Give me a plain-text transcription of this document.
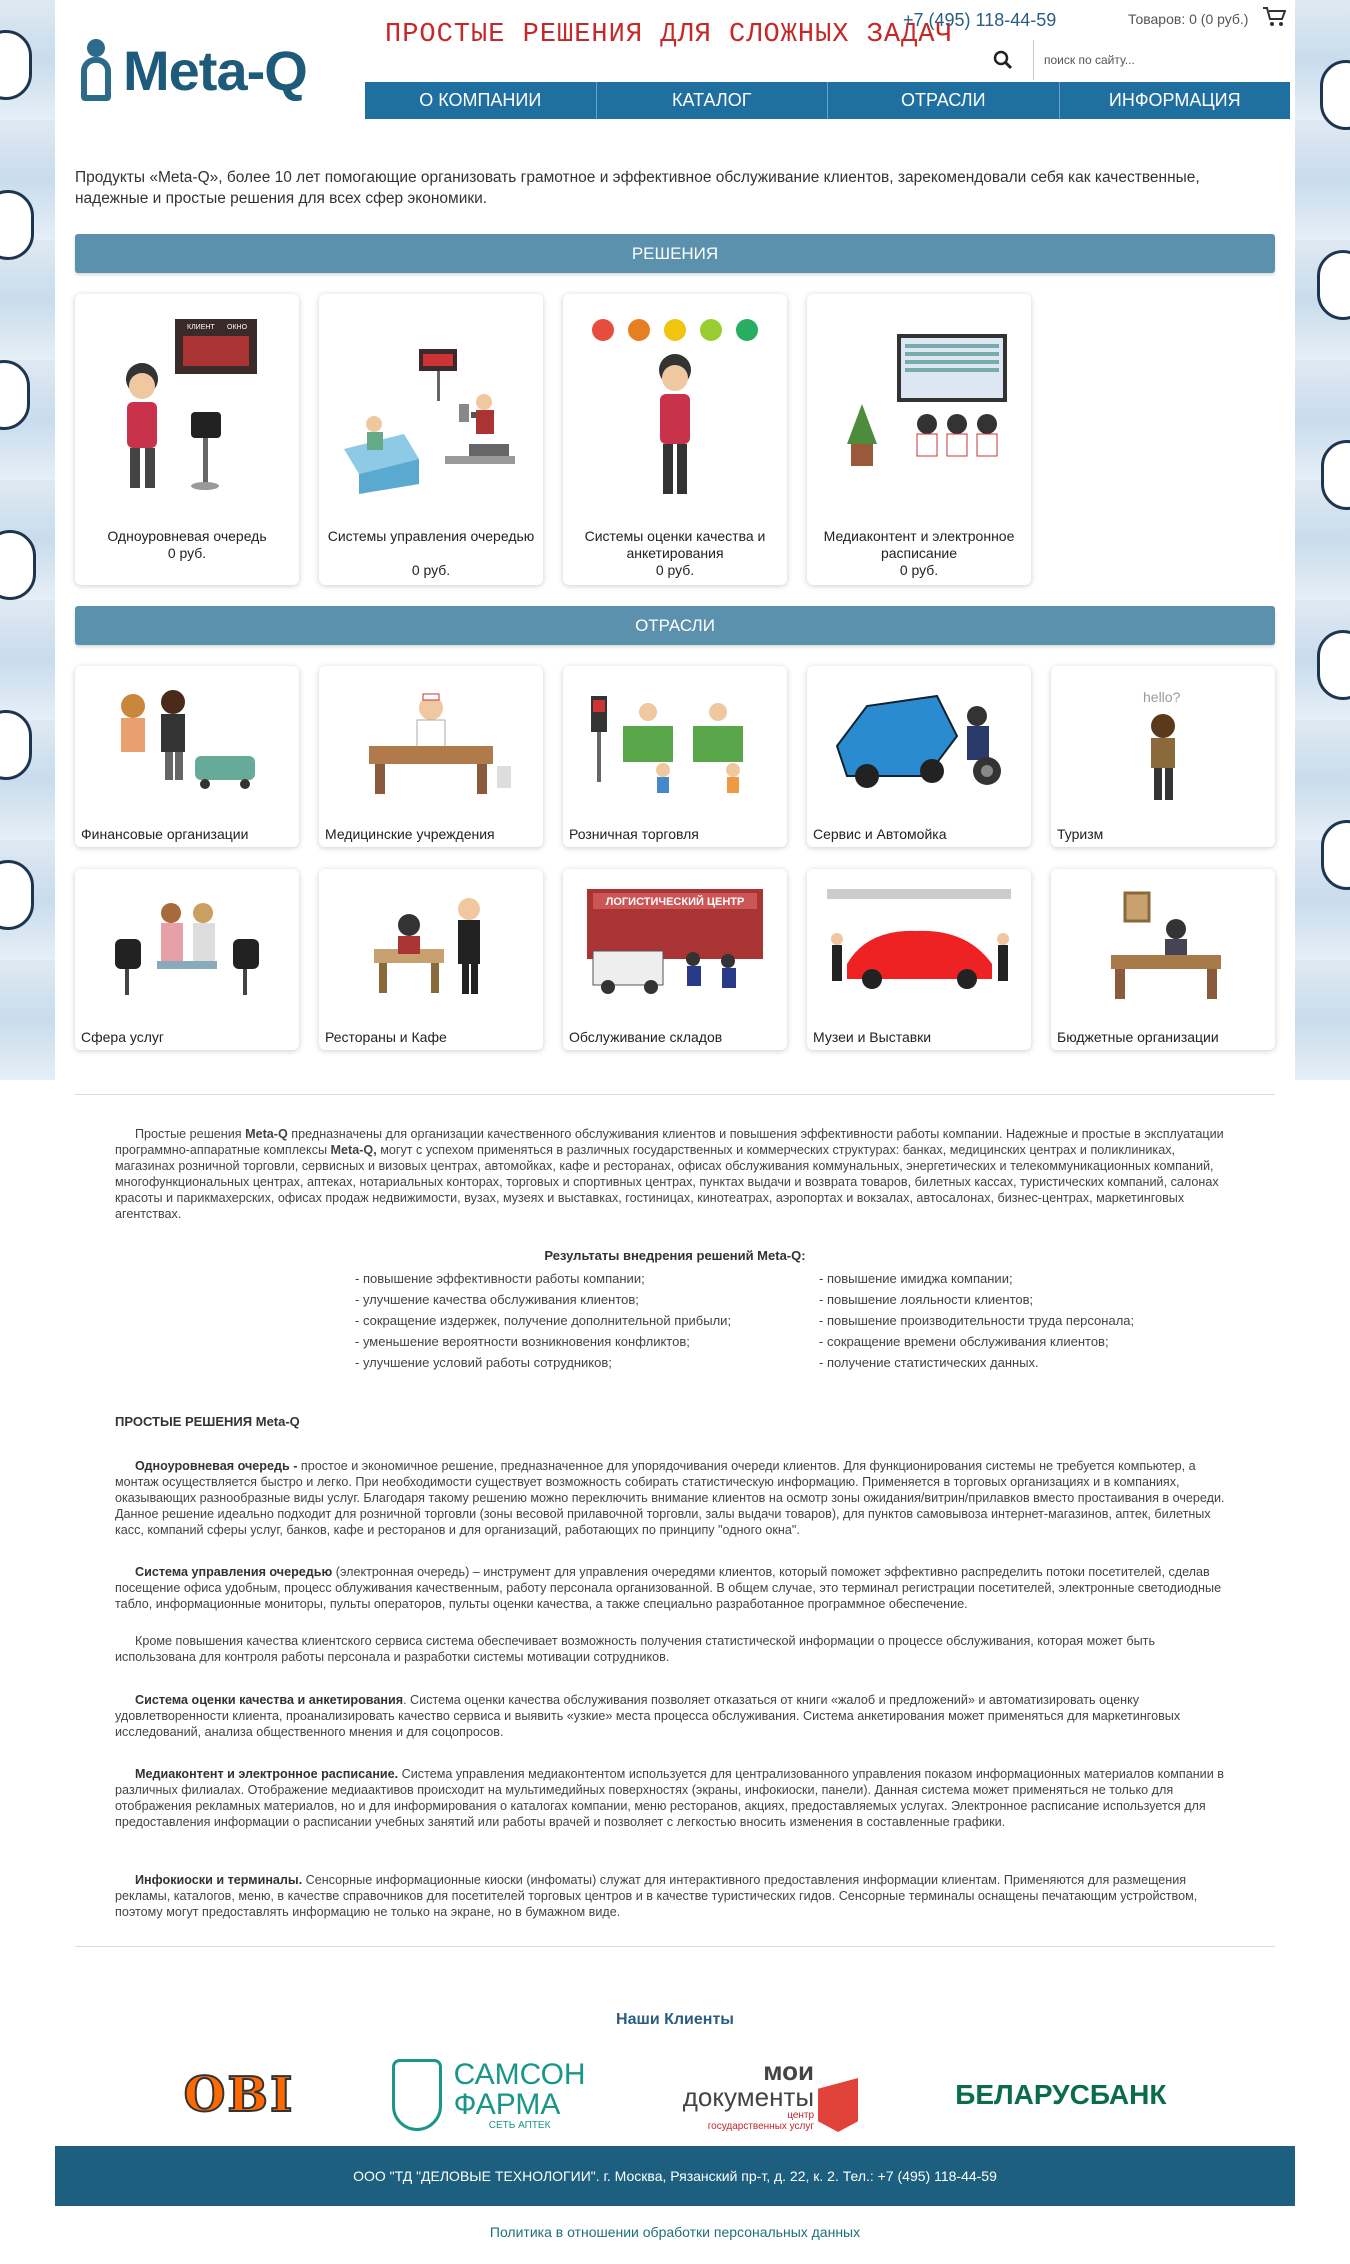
Meta-Q
ПРОСТЫЕ РЕШЕНИЯ ДЛЯ СЛОЖНЫХ ЗАДАЧ
+7 (495) 118-44-59	Товаров: 0 (0 руб.)
поиск по сайту...
О КОМПАНИИ	КАТАЛОГ	ОТРАСЛИ	ИНФОРМАЦИЯ
Продукты «Meta-Q», более 10 лет помогающие организовать грамотное и эффективное обслуживание клиентов, зарекомендовали себя как качественные, надежные и простые решения для всех сфер экономики.
РЕШЕНИЯ
КЛИЕНТ ОКНО
Одноуровневая очередь
0 руб.
Системы управления очередью
0 руб.
Системы оценки качества и анкетирования
0 руб.
Медиаконтент и электронное расписание
0 руб.
ОТРАСЛИ
Финансовые организации	Медицинские учреждения	Розничная торговля	Сервис и Автомойка
hello?
Туризм
Сфера услуг	Рестораны и Кафе
ЛОГИСТИЧЕСКИЙ ЦЕНТР
Обслуживание складов	Музеи и Выставки	Бюджетные организации
Простые решения Meta-Q предназначены для организации качественного обслуживания клиентов и повышения эффективности работы компании. Надежные и простые в эксплуатации программно-аппаратные комплексы Meta-Q, могут с успехом применяться в различных государственных и коммерческих структурах: банках, медицинских центрах и поликлиниках, магазинах розничной торговли, сервисных и визовых центрах, автомойках, кафе и ресторанах, офисах обслуживания коммунальных, энергетических и телекоммуникационных компаний, многофункциональных центрах, аптеках, нотариальных конторах, торговых и спортивных центрах, пунктах выдачи и возврата товаров, билетных кассах, туристических компаний, салонах красоты и парикмахерских, офисах продаж недвижимости, вузах, музеях и выставках, гостиницах, кинотеатрах, аэропортах и вокзалах, автосалонах, бизнес-центрах, маркетинговых агентствах.
Результаты внедрения решений Meta-Q:
- повышение эффективности работы компании;
- улучшение качества обслуживания клиентов;
- сокращение издержек, получение дополнительной прибыли;
- уменьшение вероятности возникновения конфликтов;
- улучшение условий работы сотрудников;
- повышение имиджа компании;
- повышение лояльности клиентов;
- повышение производительности труда персонала;
- сокращение времени обслуживания клиентов;
- получение статистических данных.
ПРОСТЫЕ РЕШЕНИЯ Meta-Q
Одноуровневая очередь - простое и экономичное решение, предназначенное для упорядочивания очереди клиентов. Для функционирования системы не требуется компьютер, а монтаж осуществляется быстро и легко. При необходимости существует возможность собирать статистическую информацию. Применяется в торговых организациях и в компаниях, оказывающих разнообразные виды услуг. Благодаря такому решению можно переключить внимание клиентов на осмотр зоны ожидания/витрин/прилавков вместо простаивания в очереди. Данное решение идеально подходит для розничной торговли (зоны весовой прилавочной торговли, залы выдачи товаров), для пунктов самовывоза интернет-магазинов, аптек, билетных касс, компаний сферы услуг, банков, кафе и ресторанов и для организаций, работающих по принципу "одного окна".
Система управления очередью (электронная очередь) – инструмент для управления очередями клиентов, который поможет эффективно распределить потоки посетителей, сделав посещение офиса удобным, процесс облуживания качественным, работу персонала организованной. В общем случае, это терминал регистрации посетителей, электронные светодиодные табло, информационные мониторы, пульты операторов, пульты оценки качества, а также специально разработанное программное обеспечение.
Кроме повышения качества клиентского сервиса система обеспечивает возможность получения статистической информации о процессе обслуживания, которая может быть использована для контроля работы персонала и разработки системы мотивации сотрудников.
Система оценки качества и анкетирования. Система оценки качества обслуживания позволяет отказаться от книги «жалоб и предложений» и автоматизировать оценку удовлетворенности клиента, проанализировать качество сервиса и выявить «узкие» места процесса обслуживания. Система анкетирования может применяться для маркетинговых исследований, анализа общественного мнения и для соцопросов.
Медиаконтент и электронное расписание. Система управления медиаконтентом используется для централизованного управления показом информационных материалов компании в различных филиалах. Отображение медиаактивов происходит на мультимедийных поверхностях (экраны, инфокиоски, панели). Данная система может применяться не только для отображения рекламных материалов, но и для информирования о каталогах компании, меню ресторанов, акциях, предоставляемых услугах. Электронное расписание используется для предоставления информации о расписании учебных занятий или работы врачей и позволяет с легкостью вносить изменения в составленные графики.
Инфокиоски и терминалы. Сенсорные информационные киоски (инфоматы) служат для интерактивного предоставления информации клиентам. Применяются для размещения рекламы, каталогов, меню, в качестве справочников для посетителей торговых центров и в качестве туристических гидов. Сенсорные терминалы оснащены печатающим устройством, поэтому могут предоставлять информацию не только на экране, но в бумажном виде.
Наши Клиенты
OBI	САМСОН
ФАРМА
СЕТЬ АПТЕК
мои
документы
центр
государственных услуг
БЕЛАРУСБАНК
ООО "ТД "ДЕЛОВЫЕ ТЕХНОЛОГИИ". г. Москва, Рязанский пр-т, д. 22, к. 2. Тел.: +7 (495) 118-44-59
Политика в отношении обработки персональных данных
